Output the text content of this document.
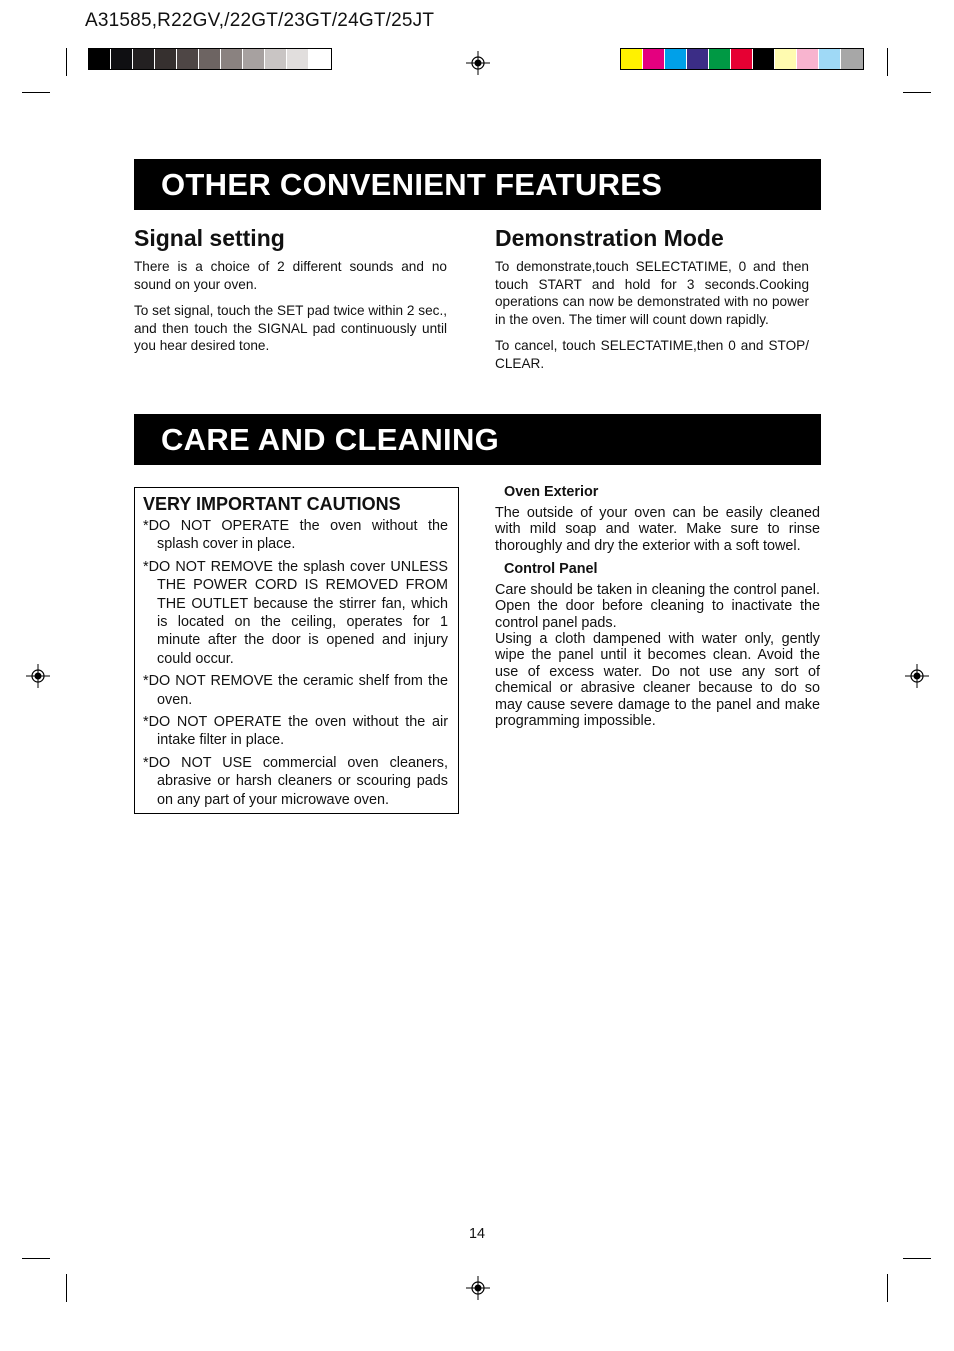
A31585,R22GV,/22GT/23GT/24GT/25JT
OTHER CONVENIENT FEATURES
Signal setting

There is a choice of 2 different sounds and no sound on your oven.

To set signal, touch the SET pad twice within 2 sec., and then touch the SIGNAL pad continuously until you hear desired tone.

Demonstration Mode

To demonstrate,touch SELECTATIME, 0 and then touch START and hold for 3 seconds.Cooking operations can now be demonstrated with no power in the oven. The timer will count down rapidly.

To cancel, touch SELECTATIME,then 0 and STOP/ CLEAR.

CARE AND CLEANING
VERY IMPORTANT CAUTIONS

*DO NOT OPERATE the oven without the splash cover in place.

*DO NOT REMOVE the splash cover UNLESS THE POWER CORD IS REMOVED FROM THE OUTLET because the stirrer fan, which is located on the ceiling, operates for 1 minute after the door is opened and injury could occur.

*DO NOT REMOVE the ceramic shelf from the oven.

*DO NOT OPERATE the oven without the air intake filter in place.

*DO NOT USE commercial oven cleaners, abrasive or harsh cleaners or scouring pads on any part of your microwave oven.

Oven Exterior

The outside of your oven can be easily cleaned with mild soap and water. Make sure to rinse thoroughly and dry the exterior with a soft towel.

Control Panel

Care should be taken in cleaning the control panel. Open the door before cleaning to inactivate the control panel pads.

Using a cloth dampened with water only, gently wipe the panel until it becomes clean. Avoid the use of excess water. Do not use any sort of chemical or abrasive cleaner because to do so may cause severe damage to the panel and make programming impossible.

14
